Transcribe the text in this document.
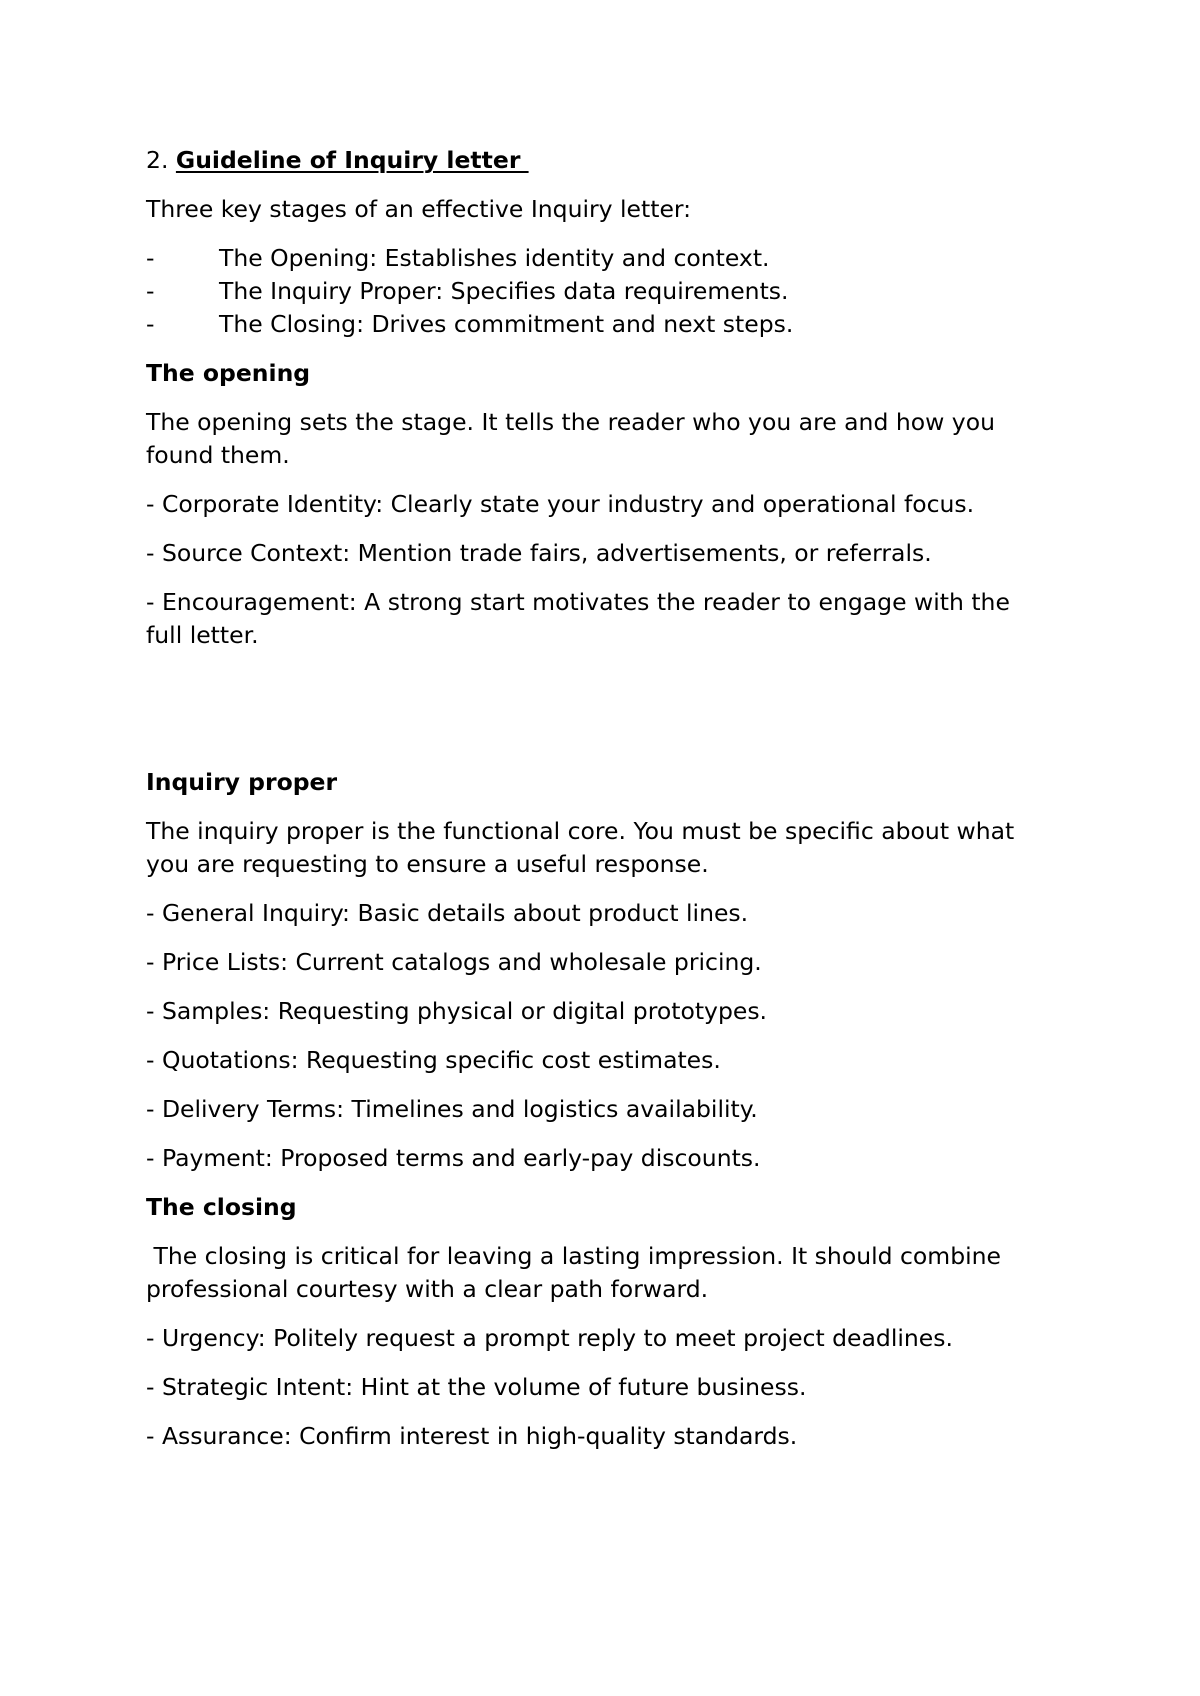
2. Guideline of Inquiry letter

Three key stages of an effective Inquiry letter:

-	The Opening: Establishes identity and context.
-	The Inquiry Proper: Specifies data requirements.
-	The Closing: Drives commitment and next steps.

The opening

The opening sets the stage. It tells the reader who you are and how you

found them.

- Corporate Identity: Clearly state your industry and operational focus.

- Source Context: Mention trade fairs, advertisements, or referrals.

- Encouragement: A strong start motivates the reader to engage with the

full letter.

Inquiry proper

The inquiry proper is the functional core. You must be specific about what

you are requesting to ensure a useful response.

- General Inquiry: Basic details about product lines.

- Price Lists: Current catalogs and wholesale pricing.

- Samples: Requesting physical or digital prototypes.

- Quotations: Requesting specific cost estimates.

- Delivery Terms: Timelines and logistics availability.

- Payment: Proposed terms and early-pay discounts.

The closing

The closing is critical for leaving a lasting impression. It should combine

professional courtesy with a clear path forward.

- Urgency: Politely request a prompt reply to meet project deadlines.

- Strategic Intent: Hint at the volume of future business.

- Assurance: Confirm interest in high-quality standards.
